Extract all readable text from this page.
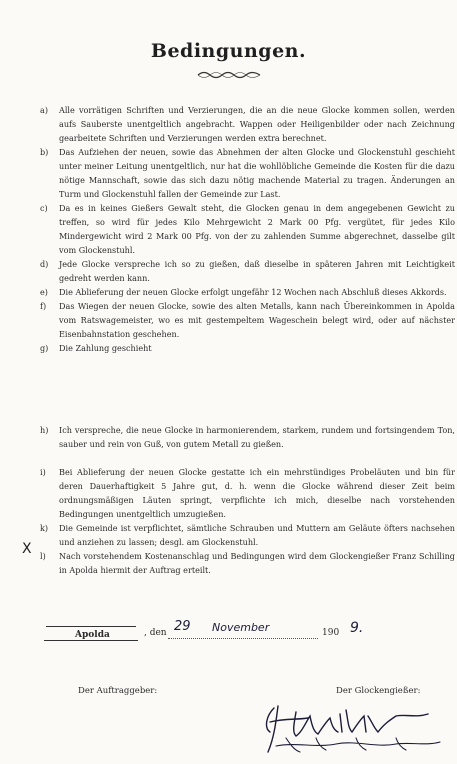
Bedingungen.
a) Alle vorrätigen Schriften und Verzierungen, die an die neue Glocke kommen sollen, werden aufs Sauberste unentgeltlich angebracht. Wappen oder Heiligenbilder oder nach Zeichnung gearbeitete Schriften und Verzierungen werden extra berechnet.
b) Das Aufziehen der neuen, sowie das Abnehmen der alten Glocke und Glockenstuhl geschieht unter meiner Leitung unentgeltlich, nur hat die wohllöbliche Gemeinde die Kosten für die dazu nötige Mannschaft, sowie das sich dazu nötig machende Material zu tragen. Änderungen an Turm und Glockenstuhl fallen der Gemeinde zur Last.
c) Da es in keines Gießers Gewalt steht, die Glocken genau in dem angegebenen Gewicht zu treffen, so wird für jedes Kilo Mehrgewicht 2 Mark 00 Pfg. vergütet, für jedes Kilo Mindergewicht wird 2 Mark 00 Pfg. von der zu zahlenden Summe abgerechnet, dasselbe gilt vom Glockenstuhl.
d) Jede Glocke verspreche ich so zu gießen, daß dieselbe in späteren Jahren mit Leichtigkeit gedreht werden kann.
e) Die Ablieferung der neuen Glocke erfolgt ungefähr 12 Wochen nach Abschluß dieses Akkords.
f) Das Wiegen der neuen Glocke, sowie des alten Metalls, kann nach Übereinkommen in Apolda vom Ratswagemeister, wo es mit gestempeltem Wageschein belegt wird, oder auf nächster Eisenbahnstation geschehen.
g) Die Zahlung geschieht
h) Ich verspreche, die neue Glocke in harmonierendem, starkem, rundem und fortsingendem Ton, sauber und rein von Guß, von gutem Metall zu gießen.
i) Bei Ablieferung der neuen Glocke gestatte ich ein mehrstündiges Probeläuten und bin für deren Dauerhaftigkeit 5 Jahre gut, d. h. wenn die Glocke während dieser Zeit beim ordnungsmäßigen Läuten springt, verpflichte ich mich, dieselbe nach vorstehenden Bedingungen unentgeltlich umzugießen.
k) Die Gemeinde ist verpflichtet, sämtliche Schrauben und Muttern am Geläute öfters nachsehen und anziehen zu lassen; desgl. am Glockenstuhl.
l) Nach vorstehendem Kostenanschlag und Bedingungen wird dem Glockengießer Franz Schilling in Apolda hiermit der Auftrag erteilt.
X
Apolda	, den 29 November	190 9.
Der Auftraggeber:	Der Glockengießer:
